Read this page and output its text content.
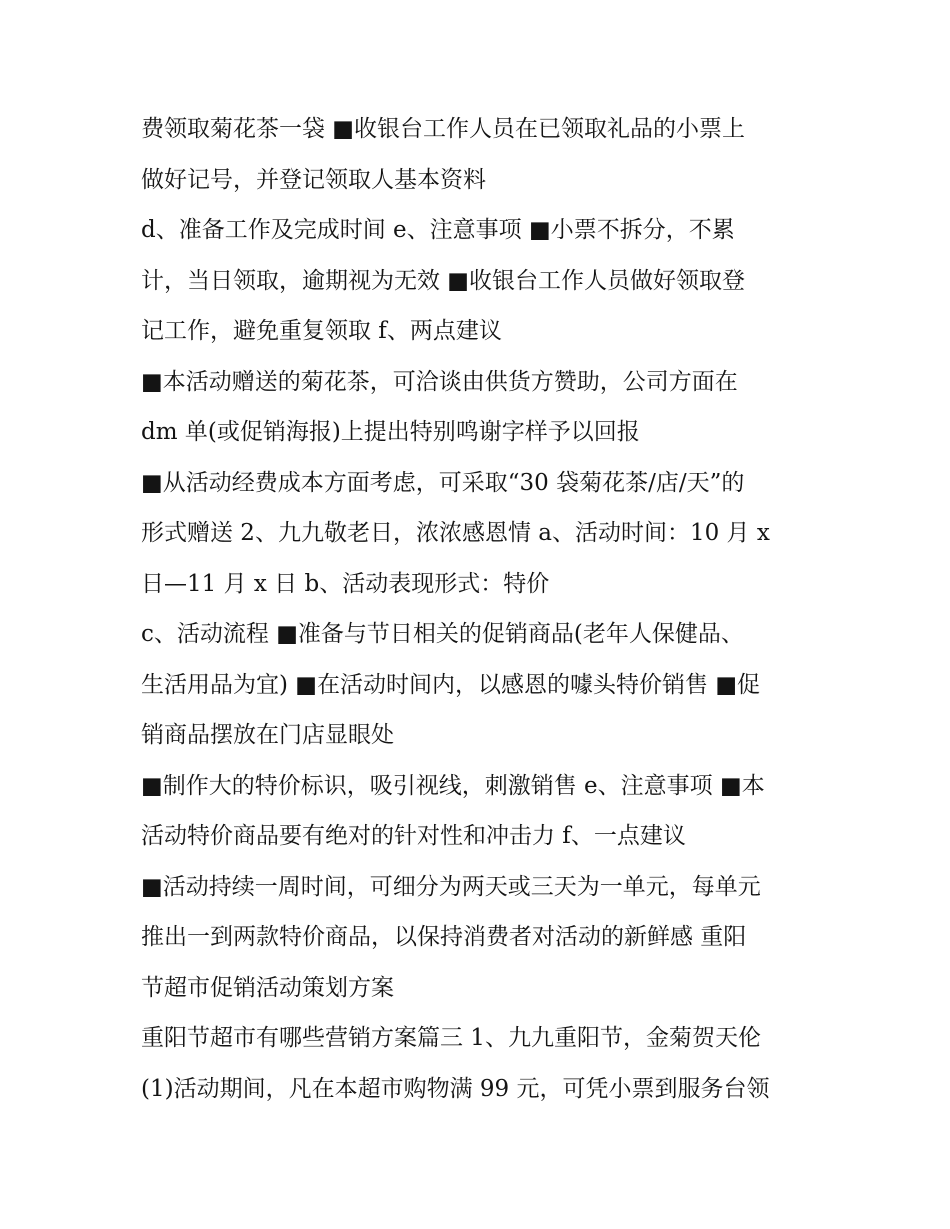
费领取菊花茶一袋 ■收银台工作人员在已领取礼品的小票上
做好记号，并登记领取人基本资料
d、准备工作及完成时间 e、注意事项 ■小票不拆分，不累
计，当日领取，逾期视为无效 ■收银台工作人员做好领取登
记工作，避免重复领取 f、两点建议
■本活动赠送的菊花茶，可洽谈由供货方赞助，公司方面在
dm 单(或促销海报)上提出特别鸣谢字样予以回报
■从活动经费成本方面考虑，可采取“30 袋菊花茶/店/天”的
形式赠送 2、九九敬老日，浓浓感恩情 a、活动时间：10 月 x
日—11 月 x 日 b、活动表现形式：特价
c、活动流程 ■准备与节日相关的促销商品(老年人保健品、
生活用品为宜) ■在活动时间内，以感恩的噱头特价销售 ■促
销商品摆放在门店显眼处
■制作大的特价标识，吸引视线，刺激销售 e、注意事项 ■本
活动特价商品要有绝对的针对性和冲击力 f、一点建议
■活动持续一周时间，可细分为两天或三天为一单元，每单元
推出一到两款特价商品，以保持消费者对活动的新鲜感 重阳
节超市促销活动策划方案
重阳节超市有哪些营销方案篇三 1、九九重阳节，金菊贺天伦
(1)活动期间，凡在本超市购物满 99 元，可凭小票到服务台领
